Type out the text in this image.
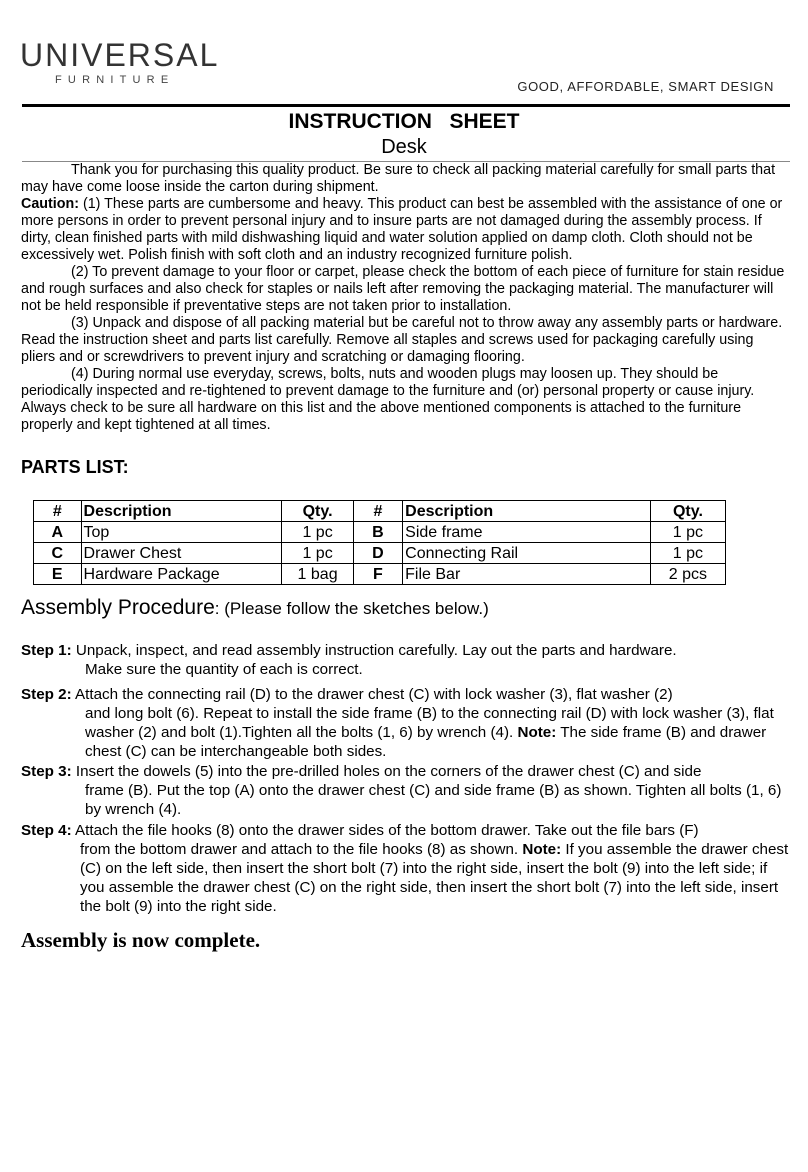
UNIVERSAL
FURNITURE	GOOD, AFFORDABLE, SMART DESIGN
INSTRUCTION   SHEET
Desk

Thank you for purchasing this quality product. Be sure to check all packing material carefully for small parts that may have come loose inside the carton during shipment.

Caution: (1) These parts are cumbersome and heavy. This product can best be assembled with the assistance of one or more persons in order to prevent personal injury and to insure parts are not damaged during the assembly process. If dirty, clean finished parts with mild dishwashing liquid and water solution applied on damp cloth. Cloth should not be excessively wet. Polish finish with soft cloth and an industry recognized furniture polish.

(2) To prevent damage to your floor or carpet, please check the bottom of each piece of furniture for stain residue and rough surfaces and also check for staples or nails left after removing the packaging material. The manufacturer will not be held responsible if preventative steps are not taken prior to installation.

(3) Unpack and dispose of all packing material but be careful not to throw away any assembly parts or hardware. Read the instruction sheet and parts list carefully. Remove all staples and screws used for packaging carefully using pliers and or screwdrivers to prevent injury and scratching or damaging flooring.

(4) During normal use everyday, screws, bolts, nuts and wooden plugs may loosen up. They should be periodically inspected and re-tightened to prevent damage to the furniture and (or) personal property or cause injury. Always check to be sure all hardware on this list and the above mentioned components is attached to the furniture properly and kept tightened at all times.

PARTS LIST:
#	Description	Qty.	#	Description	Qty.
A	Top	1 pc	B	Side frame	1 pc
C	Drawer Chest	1 pc	D	Connecting Rail	1 pc
E	Hardware Package	1 bag	F	File Bar	2 pcs
Assembly Procedure: (Please follow the sketches below.)
Step 1: Unpack, inspect, and read assembly instruction carefully. Lay out the parts and hardware.
Make sure the quantity of each is correct.
Step 2: Attach the connecting rail (D) to the drawer chest (C) with lock washer (3), flat washer (2)
and long bolt (6). Repeat to install the side frame (B) to the connecting rail (D) with lock washer (3), flat washer (2) and bolt (1).Tighten all the bolts (1, 6) by wrench (4). Note: The side frame (B) and drawer chest (C) can be interchangeable both sides.
Step 3: Insert the dowels (5) into the pre-drilled holes on the corners of the drawer chest (C) and side
frame (B). Put the top (A) onto the drawer chest (C) and side frame (B) as shown. Tighten all bolts (1, 6) by wrench (4).
Step 4: Attach the file hooks (8) onto the drawer sides of the bottom drawer. Take out the file bars (F)
from the bottom drawer and attach to the file hooks (8) as shown. Note: If you assemble the drawer chest (C) on the left side, then insert the short bolt (7) into the right side, insert the bolt (9) into the left side; if you assemble the drawer chest (C) on the right side, then insert the short bolt (7) into the left side, insert the bolt (9) into the right side.
Assembly is now complete.
